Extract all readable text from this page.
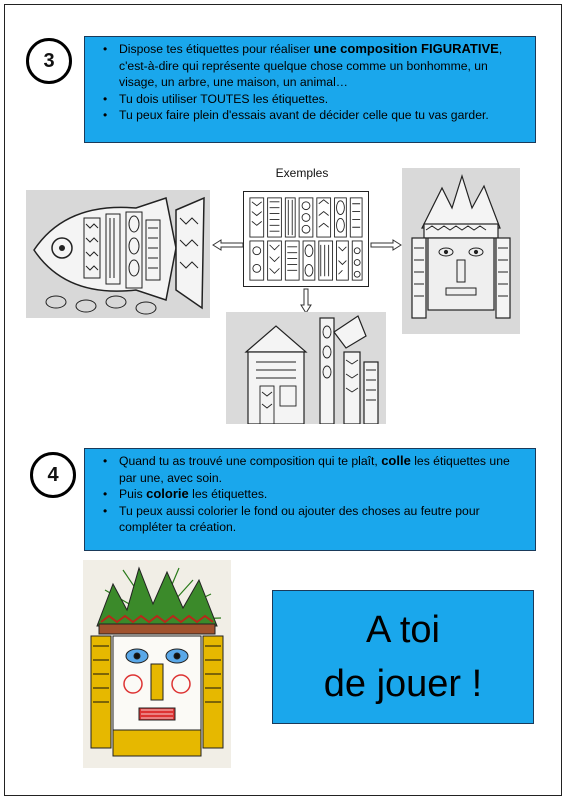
3
• Dispose tes étiquettes pour réaliser une composition FIGURATIVE, c'est-à-dire qui représente quelque chose comme un bonhomme, un visage, un arbre, une maison, un animal…
• Tu dois utiliser TOUTES les étiquettes.
• Tu peux faire plein d'essais avant de décider celle que tu vas garder.
Exemples
4
• Quand tu as trouvé une composition qui te plaît, colle les étiquettes une par une, avec soin.
• Puis colorie les étiquettes.
• Tu peux aussi colorier le fond ou ajouter des choses au feutre pour compléter ta création.
A toi
de jouer !
